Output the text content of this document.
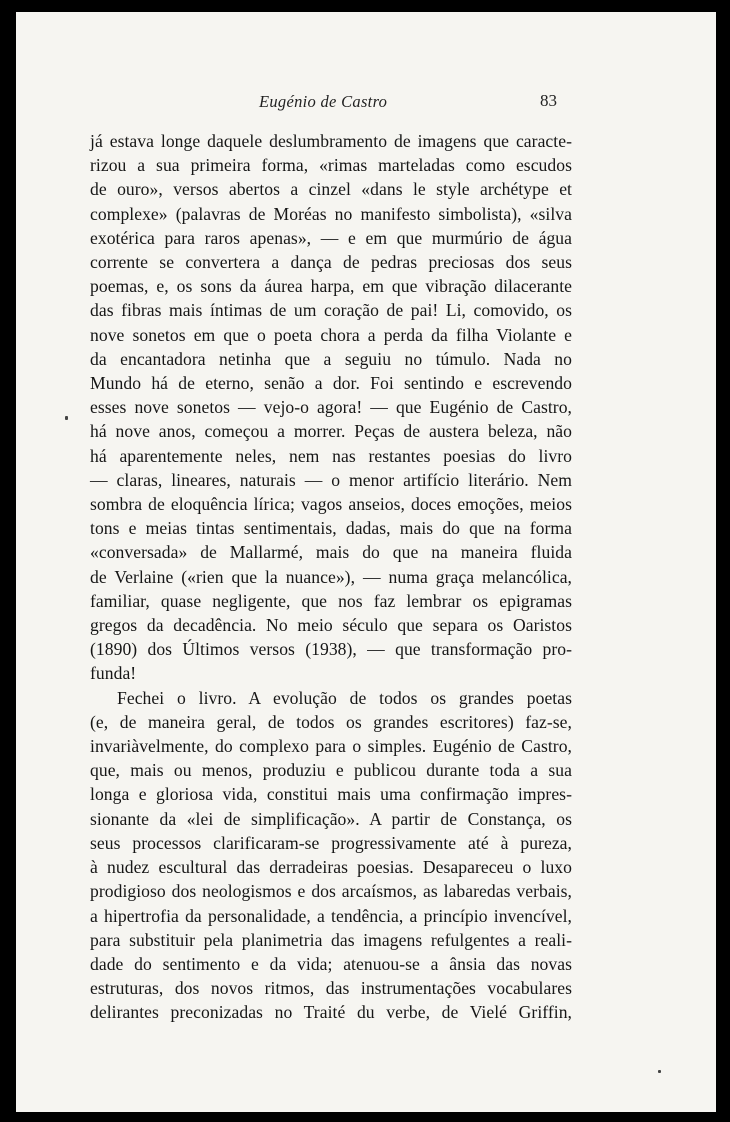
Eugénio de Castro	83
já estava longe daquele deslumbramento de imagens que caracte-
rizou a sua primeira forma, «rimas marteladas como escudos
de ouro», versos abertos a cinzel «dans le style archétype et
complexe» (palavras de Moréas no manifesto simbolista), «silva
exotérica para raros apenas», — e em que murmúrio de água
corrente se convertera a dança de pedras preciosas dos seus
poemas, e, os sons da áurea harpa, em que vibração dilacerante
das fibras mais íntimas de um coração de pai! Li, comovido, os
nove sonetos em que o poeta chora a perda da filha Violante e
da encantadora netinha que a seguiu no túmulo. Nada no
Mundo há de eterno, senão a dor. Foi sentindo e escrevendo
esses nove sonetos — vejo-o agora! — que Eugénio de Castro,
há nove anos, começou a morrer. Peças de austera beleza, não
há aparentemente neles, nem nas restantes poesias do livro
— claras, lineares, naturais — o menor artifício literário. Nem
sombra de eloquência lírica; vagos anseios, doces emoções, meios
tons e meias tintas sentimentais, dadas, mais do que na forma
«conversada» de Mallarmé, mais do que na maneira fluida
de Verlaine («rien que la nuance»), — numa graça melancólica,
familiar, quase negligente, que nos faz lembrar os epigramas
gregos da decadência. No meio século que separa os Oaristos
(1890) dos Últimos versos (1938), — que transformação pro-
funda!
Fechei o livro. A evolução de todos os grandes poetas
(e, de maneira geral, de todos os grandes escritores) faz-se,
invariàvelmente, do complexo para o simples. Eugénio de Castro,
que, mais ou menos, produziu e publicou durante toda a sua
longa e gloriosa vida, constitui mais uma confirmação impres-
sionante da «lei de simplificação». A partir de Constança, os
seus processos clarificaram-se progressivamente até à pureza,
à nudez escultural das derradeiras poesias. Desapareceu o luxo
prodigioso dos neologismos e dos arcaísmos, as labaredas verbais,
a hipertrofia da personalidade, a tendência, a princípio invencível,
para substituir pela planimetria das imagens refulgentes a reali-
dade do sentimento e da vida; atenuou-se a ânsia das novas
estruturas, dos novos ritmos, das instrumentações vocabulares
delirantes preconizadas no Traité du verbe, de Vielé Griffin,
